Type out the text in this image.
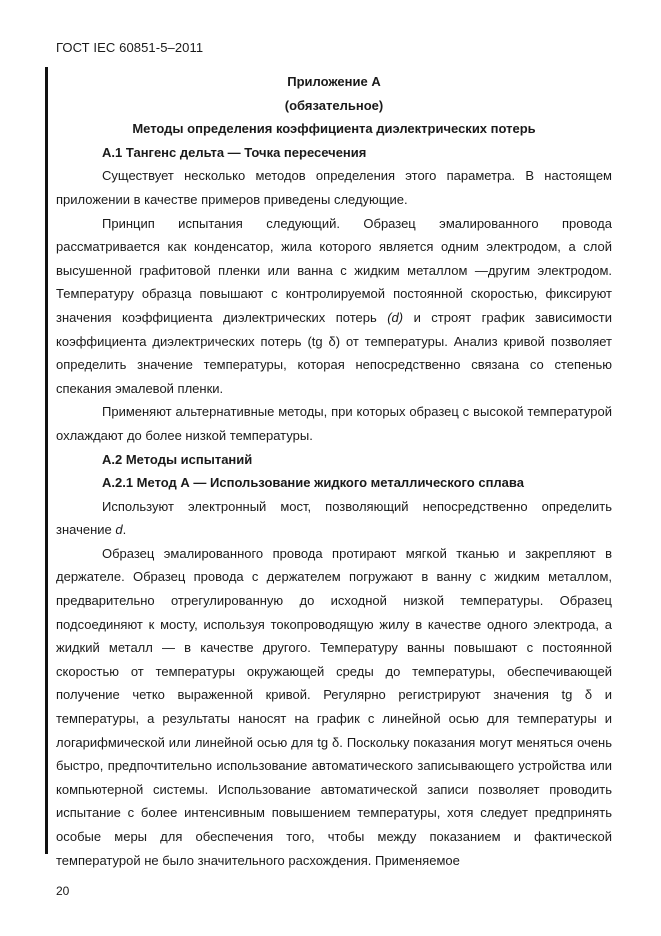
ГОСТ IEC 60851-5–2011
Приложение А
(обязательное)
Методы определения коэффициента диэлектрических потерь
А.1 Тангенс дельта — Точка пересечения

Существует несколько методов определения этого параметра. В настоящем приложении в качестве примеров приведены следующие.

Принцип испытания следующий. Образец эмалированного провода рассматривается как конденсатор, жила которого является одним электродом, а слой высушенной графитовой пленки или ванна с жидким металлом —другим электродом. Температуру образца повышают с контролируемой постоянной скоростью, фиксируют значения коэффициента диэлектрических потерь (d) и строят график зависимости коэффициента диэлектрических потерь (tg δ) от температуры. Анализ кривой позволяет определить значение температуры, которая непосредственно связана со степенью спекания эмалевой пленки.

Применяют альтернативные методы, при которых образец с высокой температурой охлаждают до более низкой температуры.

А.2 Методы испытаний
А.2.1 Метод А — Использование жидкого металлического сплава

Используют электронный мост, позволяющий непосредственно определить значение d.

Образец эмалированного провода протирают мягкой тканью и закрепляют в держателе. Образец провода с держателем погружают в ванну с жидким металлом, предварительно отрегулированную до исходной низкой температуры. Образец подсоединяют к мосту, используя токопроводящую жилу в качестве одного электрода, а жидкий металл — в качестве другого. Температуру ванны повышают с постоянной скоростью от температуры окружающей среды до температуры, обеспечивающей получение четко выраженной кривой. Регулярно регистрируют значения tg δ и температуры, а результаты наносят на график с линейной осью для температуры и логарифмической или линейной осью для tg δ. Поскольку показания могут меняться очень быстро, предпочтительно использование автоматического записывающего устройства или компьютерной системы. Использование автоматической записи позволяет проводить испытание с более интенсивным повышением температуры, хотя следует предпринять особые меры для обеспечения того, чтобы между показанием и фактической температурой не было значительного расхождения. Применяемое

20
